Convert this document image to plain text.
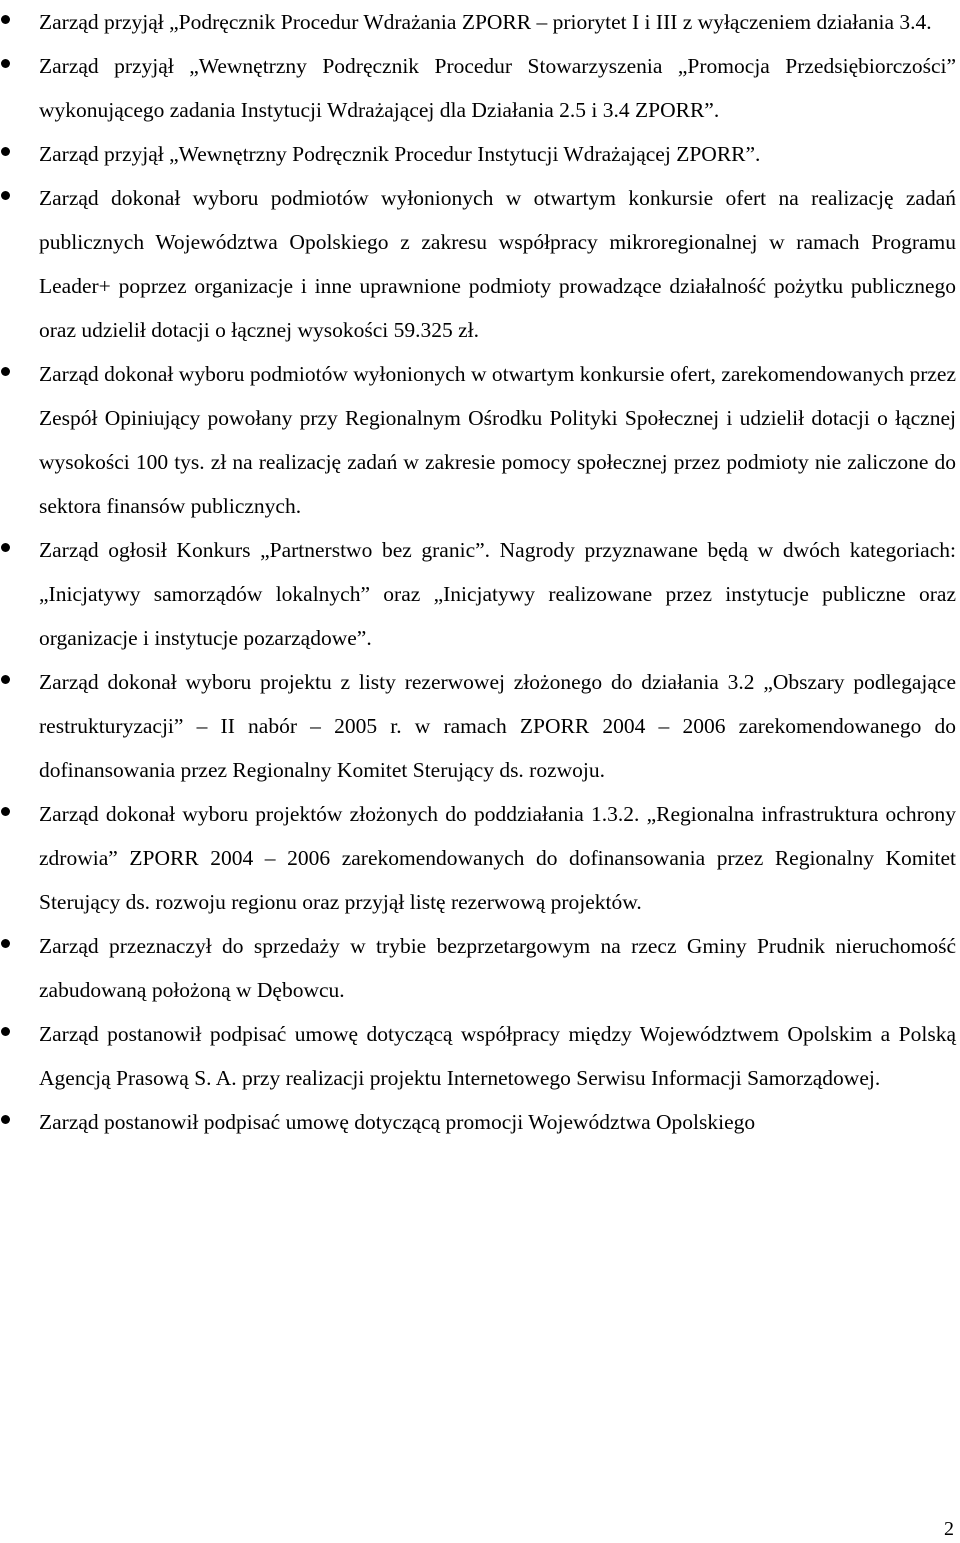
Zarząd przyjął „Podręcznik Procedur Wdrażania ZPORR – priorytet I i III z wyłączeniem działania 3.4.
Zarząd przyjął „Wewnętrzny Podręcznik Procedur Stowarzyszenia „Promocja Przedsiębiorczości” wykonującego zadania Instytucji Wdrażającej dla Działania 2.5 i 3.4 ZPORR”.
Zarząd przyjął „Wewnętrzny Podręcznik Procedur Instytucji Wdrażającej ZPORR”.
Zarząd dokonał wyboru podmiotów wyłonionych w otwartym konkursie ofert na realizację zadań publicznych Województwa Opolskiego z zakresu współpracy mikroregionalnej w ramach Programu Leader+ poprzez organizacje i inne uprawnione podmioty prowadzące działalność pożytku publicznego oraz udzielił dotacji o łącznej wysokości 59.325 zł.
Zarząd dokonał wyboru podmiotów wyłonionych w otwartym konkursie ofert, zarekomendowanych przez Zespół Opiniujący powołany przy Regionalnym Ośrodku Polityki Społecznej i udzielił dotacji o łącznej wysokości 100 tys. zł na realizację zadań w zakresie pomocy społecznej przez podmioty nie zaliczone do sektora finansów publicznych.
Zarząd ogłosił Konkurs „Partnerstwo bez granic”. Nagrody przyznawane będą w dwóch kategoriach: „Inicjatywy samorządów lokalnych” oraz „Inicjatywy realizowane przez instytucje publiczne oraz organizacje i instytucje pozarządowe”.
Zarząd dokonał wyboru projektu z listy rezerwowej złożonego do działania 3.2 „Obszary podlegające restrukturyzacji” – II nabór – 2005 r. w ramach ZPORR 2004 – 2006 zarekomendowanego do dofinansowania przez Regionalny Komitet Sterujący ds. rozwoju.
Zarząd dokonał wyboru projektów złożonych do poddziałania 1.3.2. „Regionalna infrastruktura ochrony zdrowia” ZPORR 2004 – 2006 zarekomendowanych do dofinansowania przez Regionalny Komitet Sterujący ds. rozwoju regionu oraz przyjął listę rezerwową projektów.
Zarząd przeznaczył do sprzedaży w trybie bezprzetargowym na rzecz Gminy Prudnik nieruchomość zabudowaną położoną w Dębowcu.
Zarząd postanowił podpisać umowę dotyczącą współpracy między Województwem Opolskim a Polską Agencją Prasową S. A. przy realizacji projektu Internetowego Serwisu Informacji Samorządowej.
Zarząd postanowił podpisać umowę dotyczącą promocji Województwa Opolskiego
2
